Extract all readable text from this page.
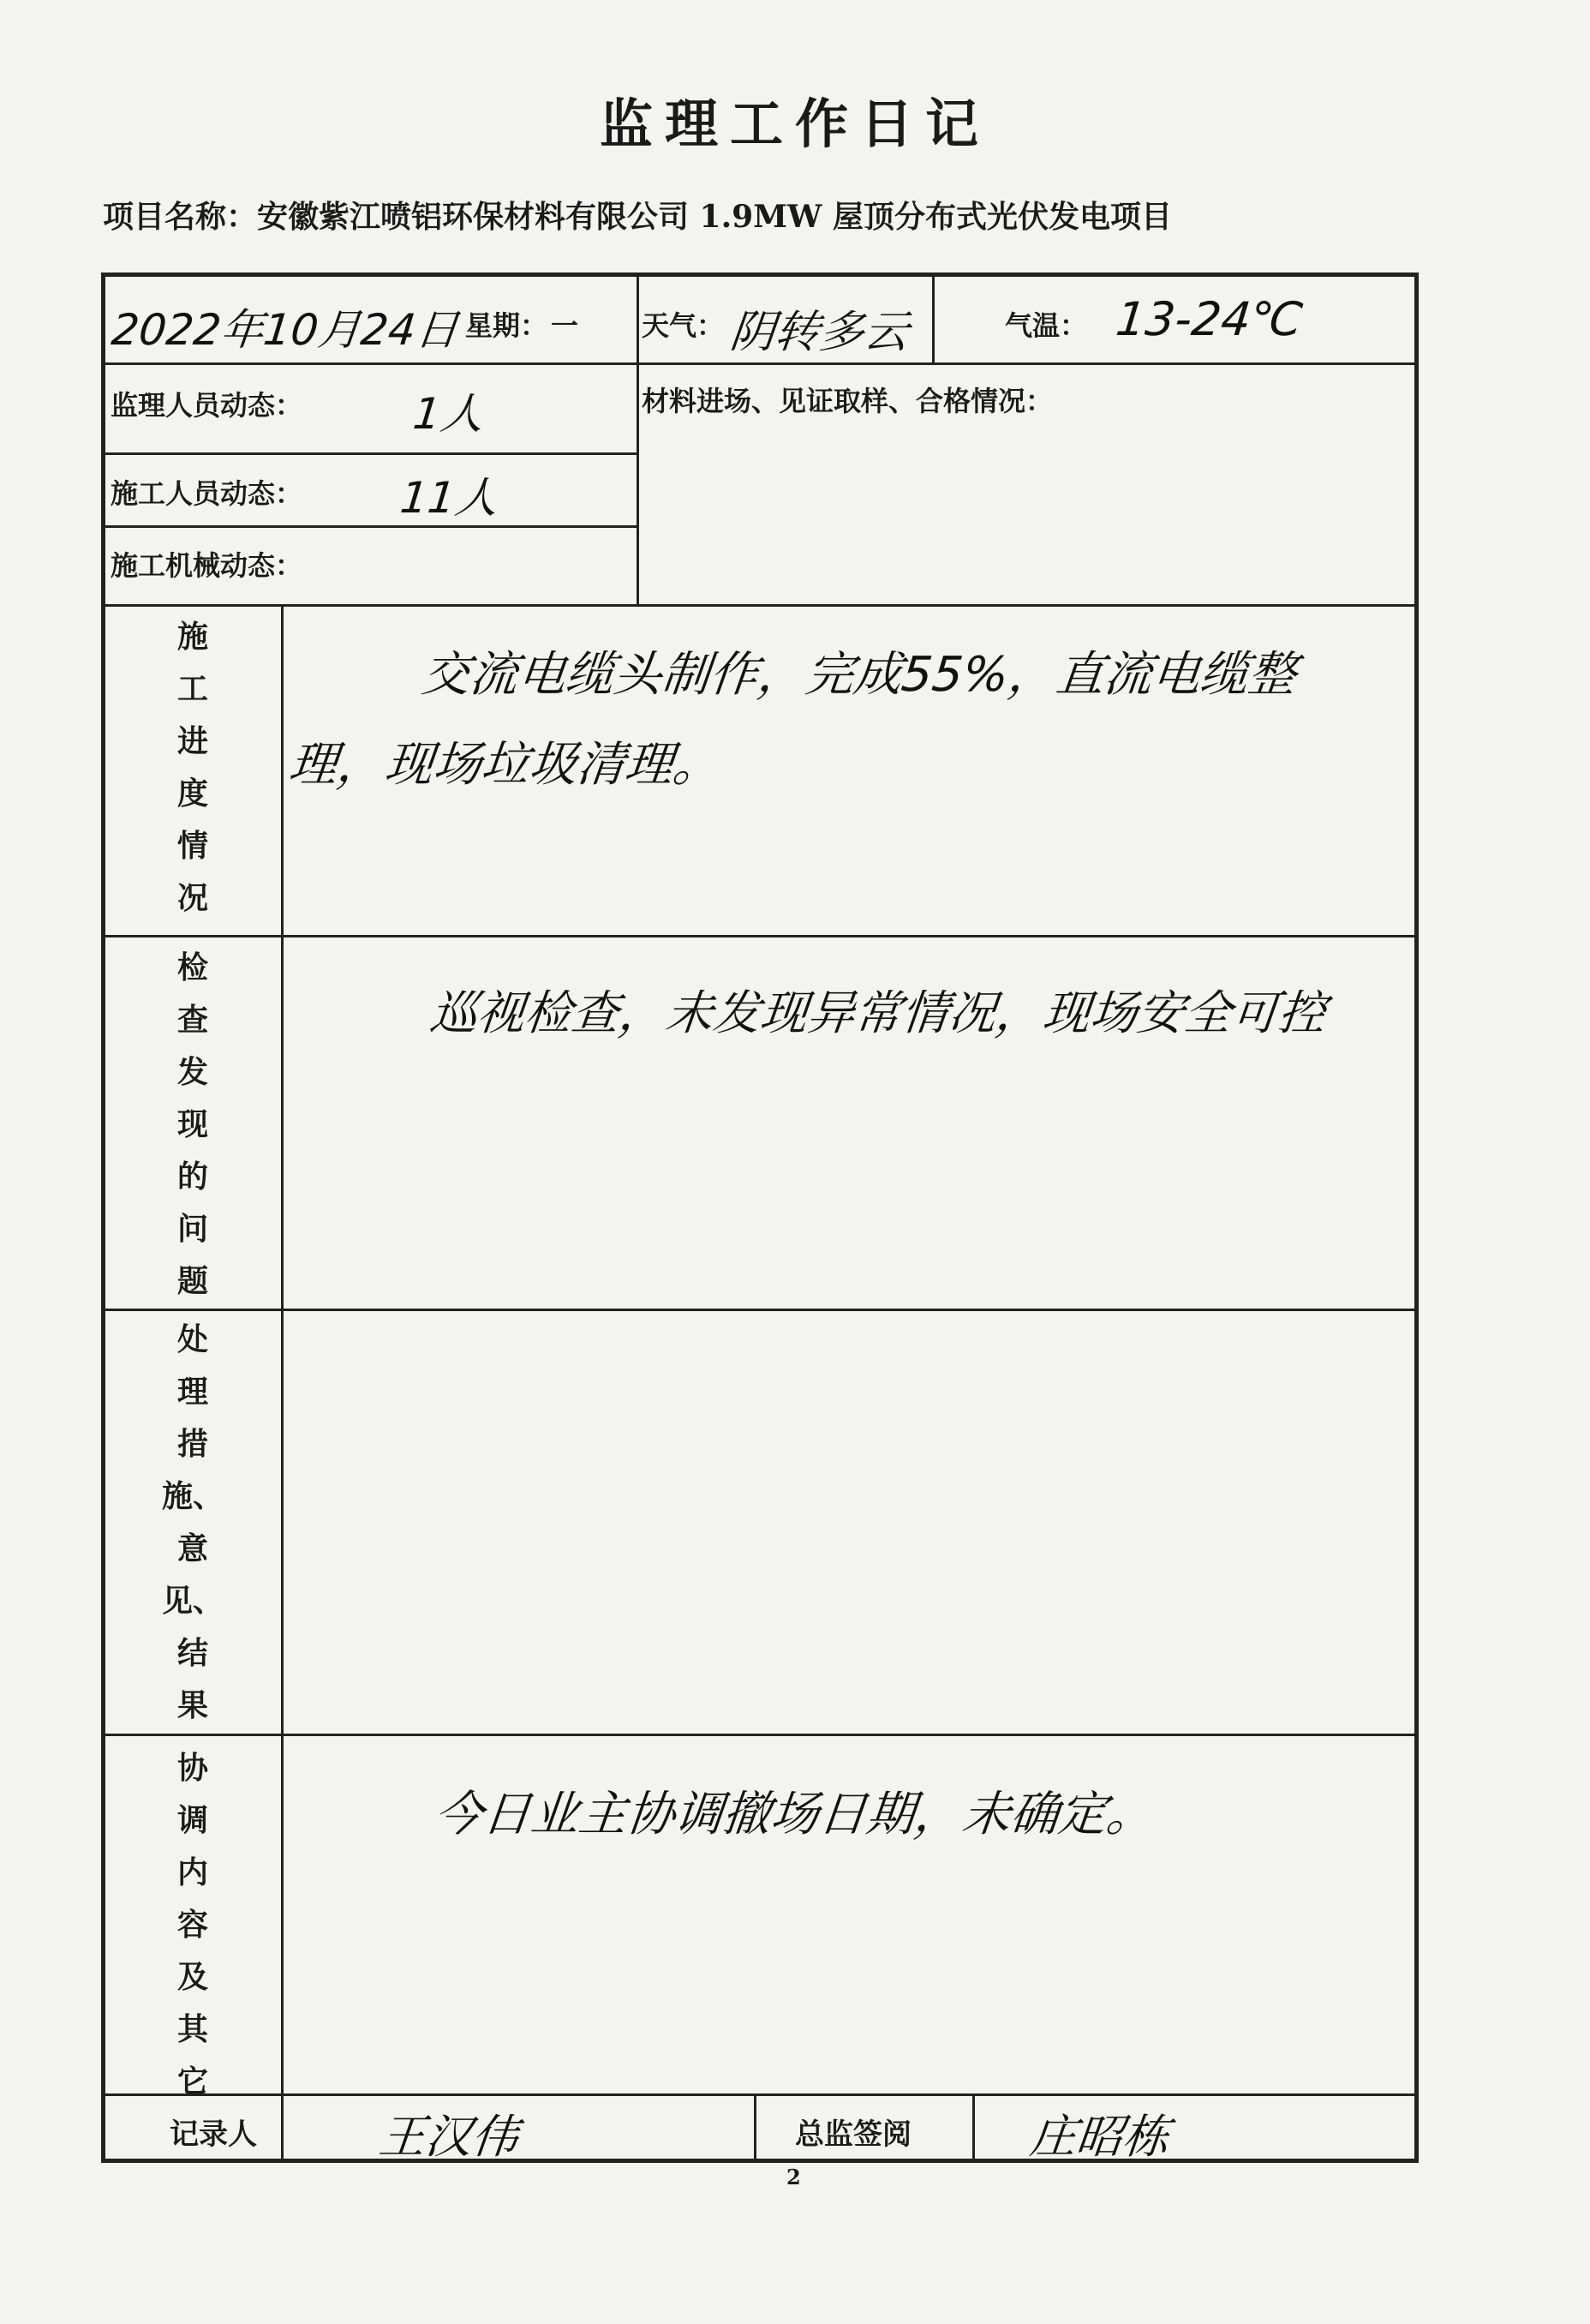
监理工作日记
项目名称：安徽紫江喷铝环保材料有限公司 1.9MW 屋顶分布式光伏发电项目
2022年10月24日 星期： 一 天气： 阴转多云	气温： 13-24℃
监理人员动态：	1人
施工人员动态： 11人
施工机械动态：
材料进场、见证取样、合格情况：
施
工
进
度
情
况
交流电缆头制作，完成55%，直流电缆整
理，现场垃圾清理。
检
查
发
现
的
问
题
巡视检查，未发现异常情况，现场安全可控
处
理
措
施、
意
见、
结
果
协
调
内
容
及
其
它
今日业主协调撤场日期，未确定。
记录人	王汉伟	总监签阅	庄昭栋
2
